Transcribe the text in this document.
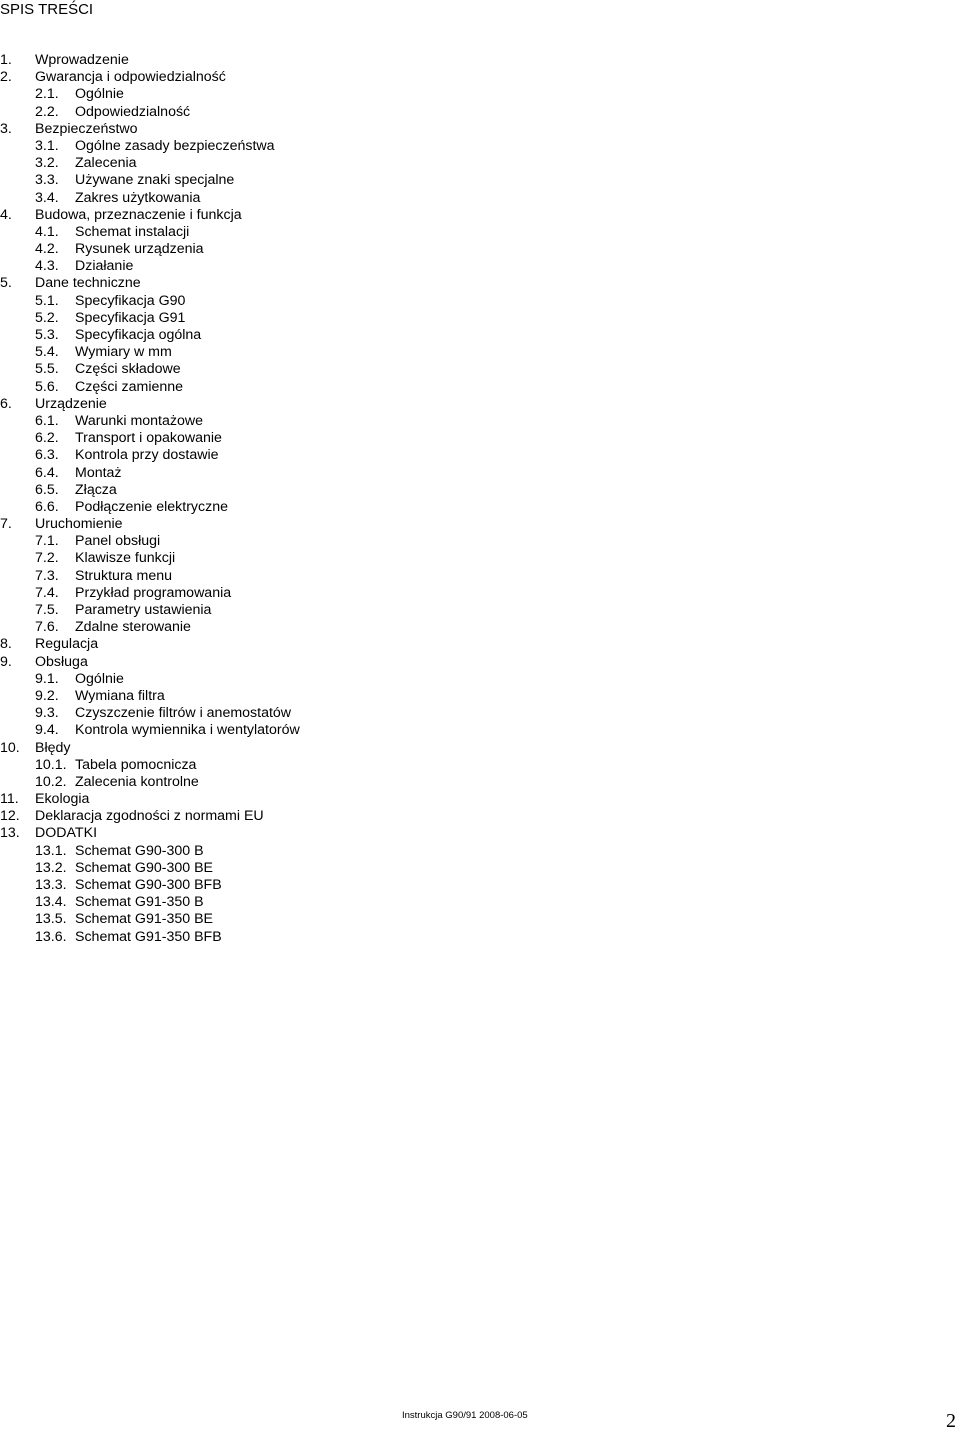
SPIS TREŚCI
1. Wprowadzenie
2. Gwarancja i odpowiedzialność
2.1. Ogólnie
2.2. Odpowiedzialność
3. Bezpieczeństwo
3.1. Ogólne zasady bezpieczeństwa
3.2. Zalecenia
3.3. Używane znaki specjalne
3.4. Zakres użytkowania
4. Budowa, przeznaczenie i funkcja
4.1. Schemat instalacji
4.2. Rysunek urządzenia
4.3. Działanie
5. Dane techniczne
5.1. Specyfikacja G90
5.2. Specyfikacja G91
5.3. Specyfikacja ogólna
5.4. Wymiary w mm
5.5. Części składowe
5.6. Części zamienne
6. Urządzenie
6.1. Warunki montażowe
6.2. Transport i opakowanie
6.3. Kontrola przy dostawie
6.4. Montaż
6.5. Złącza
6.6. Podłączenie elektryczne
7. Uruchomienie
7.1. Panel obsługi
7.2. Klawisze funkcji
7.3. Struktura menu
7.4. Przykład programowania
7.5. Parametry ustawienia
7.6. Zdalne sterowanie
8. Regulacja
9. Obsługa
9.1. Ogólnie
9.2. Wymiana filtra
9.3. Czyszczenie filtrów i anemostatów
9.4. Kontrola wymiennika i wentylatorów
10. Błędy
10.1. Tabela pomocnicza
10.2. Zalecenia kontrolne
11. Ekologia
12. Deklaracja zgodności z normami EU
13. DODATKI
13.1. Schemat G90-300 B
13.2. Schemat G90-300 BE
13.3. Schemat G90-300 BFB
13.4. Schemat G91-350 B
13.5. Schemat G91-350 BE
13.6. Schemat G91-350 BFB
Instrukcja G90/91 2008-06-05	2
